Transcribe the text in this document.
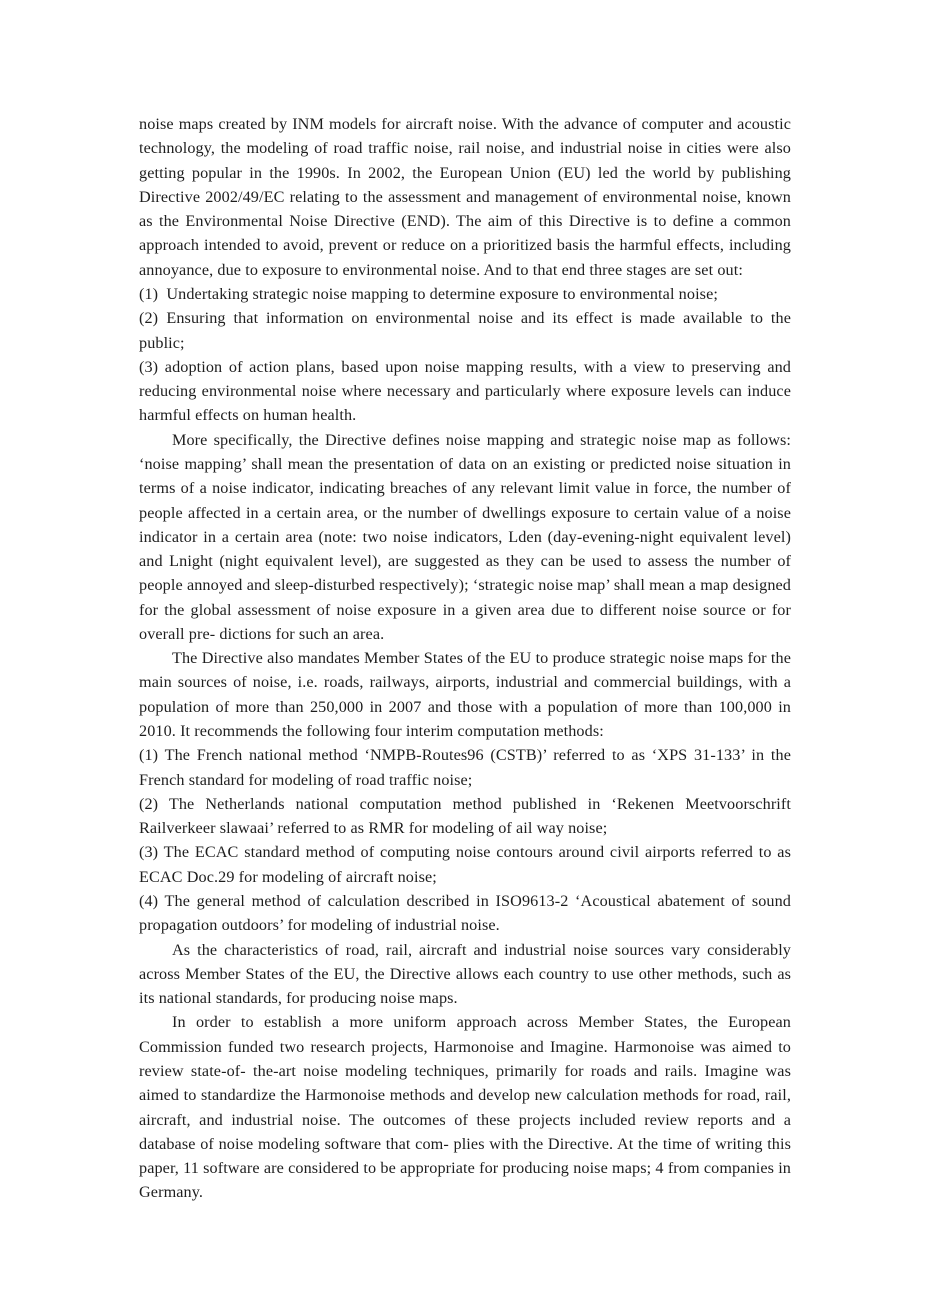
noise maps created by INM models for aircraft noise. With the advance of computer and acoustic technology, the modeling of road traffic noise, rail noise, and industrial noise in cities were also getting popular in the 1990s. In 2002, the European Union (EU) led the world by publishing Directive 2002/49/EC relating to the assessment and management of environmental noise, known as the Environmental Noise Directive (END). The aim of this Directive is to define a common approach intended to avoid, prevent or reduce on a prioritized basis the harmful effects, including annoyance, due to exposure to environmental noise. And to that end three stages are set out:

(1) Undertaking strategic noise mapping to determine exposure to environmental noise;

(2) Ensuring that information on environmental noise and its effect is made available to the public;

(3) adoption of action plans, based upon noise mapping results, with a view to preserving and reducing environmental noise where necessary and particularly where exposure levels can induce harmful effects on human health.

More specifically, the Directive defines noise mapping and strategic noise map as follows: ‘noise mapping’ shall mean the presentation of data on an existing or predicted noise situation in terms of a noise indicator, indicating breaches of any relevant limit value in force, the number of people affected in a certain area, or the number of dwellings exposure to certain value of a noise indicator in a certain area (note: two noise indicators, Lden (day-evening-night equivalent level) and Lnight (night equivalent level), are suggested as they can be used to assess the number of people annoyed and sleep-disturbed respectively); ‘strategic noise map’ shall mean a map designed for the global assessment of noise exposure in a given area due to different noise source or for overall pre- dictions for such an area.

The Directive also mandates Member States of the EU to produce strategic noise maps for the main sources of noise, i.e. roads, railways, airports, industrial and commercial buildings, with a population of more than 250,000 in 2007 and those with a population of more than 100,000 in 2010. It recommends the following four interim computation methods:

(1) The French national method ‘NMPB-Routes96 (CSTB)’ referred to as ‘XPS 31-133’ in the French standard for modeling of road traffic noise;

(2) The Netherlands national computation method published in ‘Rekenen Meetvoorschrift Railverkeer slawaai’ referred to as RMR for modeling of ail way noise;

(3) The ECAC standard method of computing noise contours around civil airports referred to as ECAC Doc.29 for modeling of aircraft noise;

(4) The general method of calculation described in ISO9613-2 ‘Acoustical abatement of sound propagation outdoors’ for modeling of industrial noise.

As the characteristics of road, rail, aircraft and industrial noise sources vary considerably across Member States of the EU, the Directive allows each country to use other methods, such as its national standards, for producing noise maps.

In order to establish a more uniform approach across Member States, the European Commission funded two research projects, Harmonoise and Imagine. Harmonoise was aimed to review state-of- the-art noise modeling techniques, primarily for roads and rails. Imagine was aimed to standardize the Harmonoise methods and develop new calculation methods for road, rail, aircraft, and industrial noise. The outcomes of these projects included review reports and a database of noise modeling software that com- plies with the Directive. At the time of writing this paper, 11 software are considered to be appropriate for producing noise maps; 4 from companies in Germany.
